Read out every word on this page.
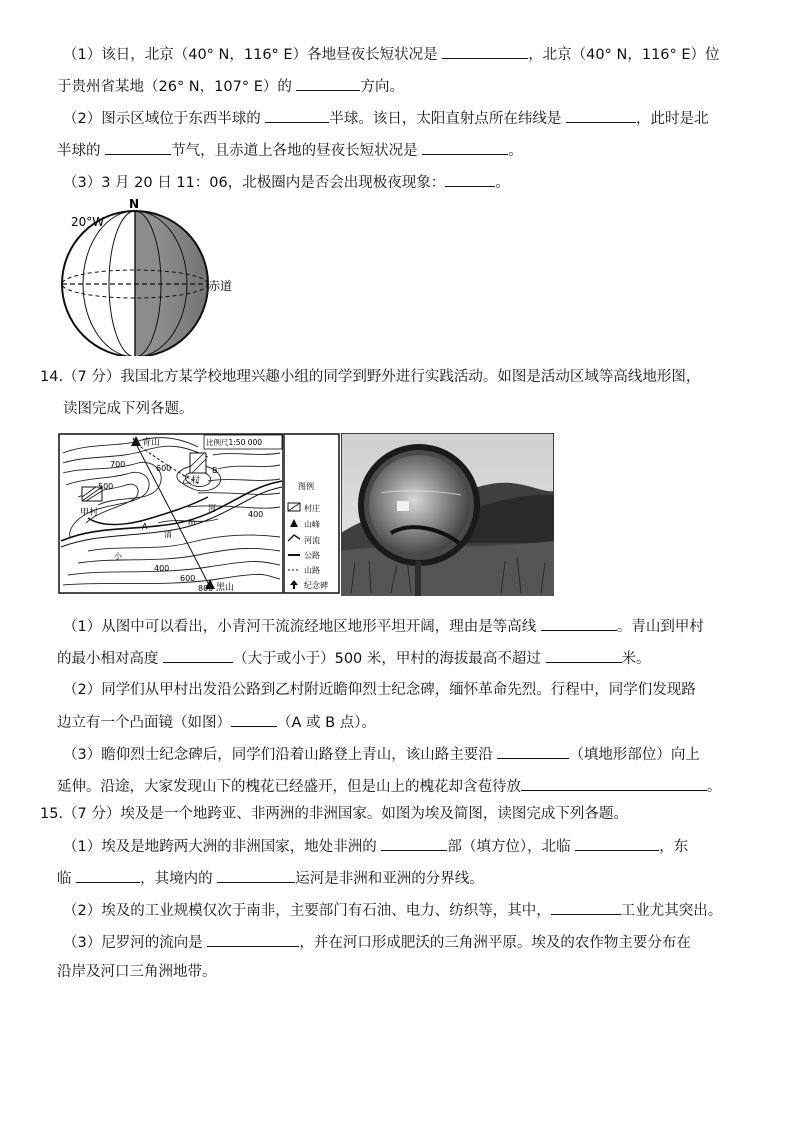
（1）该日，北京（40° N，116° E）各地昼夜长短状况是	，北京（40° N，116° E）位
于贵州省某地（26° N，107° E）的	方向。
（2）图示区域位于东西半球的	半球。该日，太阳直射点所在纬线是	，此时是北
半球的	节气，且赤道上各地的昼夜长短状况是	。
（3）3 月 20 日 11：06，北极圈内是否会出现极夜现象：	。
N
20°W
赤道
14.（7 分）我国北方某学校地理兴趣小组的同学到野外进行实践活动。如图是活动区域等高线地形图，
读图完成下列各题。
青山
黑山
甲村
乙村
700
500
600
400
600
800
400
A
B
河
m
清
小
比例尺1:50 000
图例
村庄
山峰
河流
公路
山路
纪念碑
（1）从图中可以看出，小青河干流流经地区地形平坦开阔，理由是等高线	。青山到甲村
的最小相对高度	（大于或小于）500 米，甲村的海拔最高不超过	米。
（2）同学们从甲村出发沿公路到乙村附近瞻仰烈士纪念碑，缅怀革命先烈。行程中，同学们发现路
边立有一个凸面镜（如图）	（A 或 B 点）。
（3）瞻仰烈士纪念碑后，同学们沿着山路登上青山，该山路主要沿	（填地形部位）向上
延伸。沿途，大家发现山下的槐花已经盛开，但是山上的槐花却含苞待放	。
15.（7 分）埃及是一个地跨亚、非两洲的非洲国家。如图为埃及简图，读图完成下列各题。
（1）埃及是地跨两大洲的非洲国家，地处非洲的	部（填方位），北临	，东
临	，其境内的	运河是非洲和亚洲的分界线。
（2）埃及的工业规模仅次于南非，主要部门有石油、电力、纺织等，其中，	工业尤其突出。
（3）尼罗河的流向是	，并在河口形成肥沃的三角洲平原。埃及的农作物主要分布在
沿岸及河口三角洲地带。
